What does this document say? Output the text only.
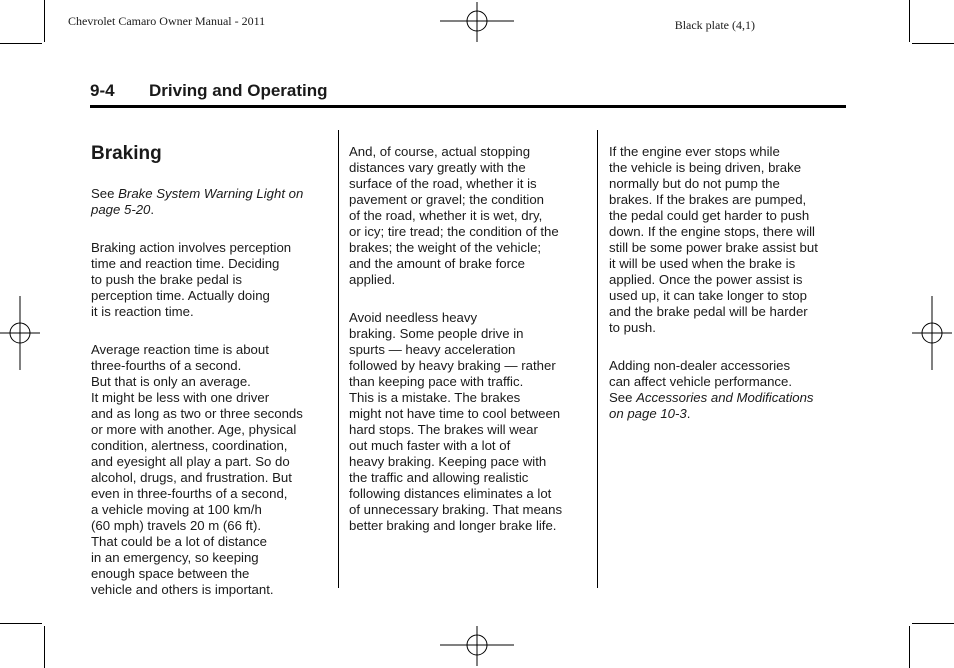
Chevrolet Camaro Owner Manual - 2011	Black plate (4,1)
9-4 Driving and Operating

Braking

See Brake System Warning Light on
page 5-20.

Braking action involves perception
time and reaction time. Deciding
to push the brake pedal is
perception time. Actually doing
it is reaction time.

Average reaction time is about
three-fourths of a second.
But that is only an average.
It might be less with one driver
and as long as two or three seconds
or more with another. Age, physical
condition, alertness, coordination,
and eyesight all play a part. So do
alcohol, drugs, and frustration. But
even in three-fourths of a second,
a vehicle moving at 100 km/h
(60 mph) travels 20 m (66 ft).
That could be a lot of distance
in an emergency, so keeping
enough space between the
vehicle and others is important.

And, of course, actual stopping
distances vary greatly with the
surface of the road, whether it is
pavement or gravel; the condition
of the road, whether it is wet, dry,
or icy; tire tread; the condition of the
brakes; the weight of the vehicle;
and the amount of brake force
applied.

Avoid needless heavy
braking. Some people drive in
spurts — heavy acceleration
followed by heavy braking — rather
than keeping pace with traffic.
This is a mistake. The brakes
might not have time to cool between
hard stops. The brakes will wear
out much faster with a lot of
heavy braking. Keeping pace with
the traffic and allowing realistic
following distances eliminates a lot
of unnecessary braking. That means
better braking and longer brake life.

If the engine ever stops while
the vehicle is being driven, brake
normally but do not pump the
brakes. If the brakes are pumped,
the pedal could get harder to push
down. If the engine stops, there will
still be some power brake assist but
it will be used when the brake is
applied. Once the power assist is
used up, it can take longer to stop
and the brake pedal will be harder
to push.

Adding non-dealer accessories
can affect vehicle performance.
See Accessories and Modifications
on page 10-3.
